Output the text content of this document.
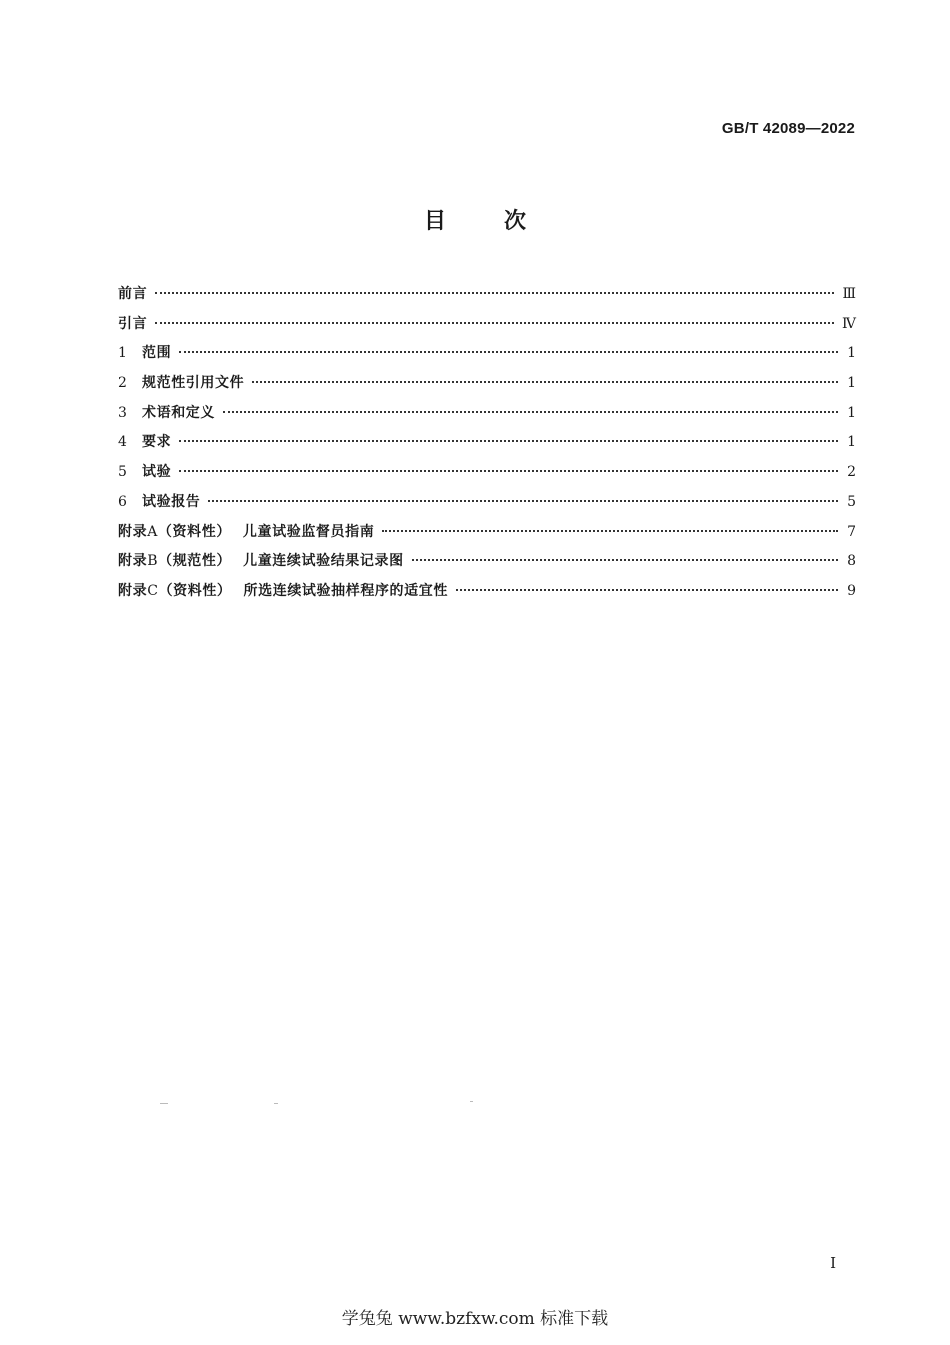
GB/T 42089—2022
目	次
前言	Ⅲ
引言	Ⅳ
1 范围	1
2 规范性引用文件	1
3 术语和定义	1
4 要求	1
5 试验	2
6 试验报告	5
附录A（资料性） 儿童试验监督员指南	7
附录B（规范性） 儿童连续试验结果记录图	8
附录C（资料性） 所选连续试验抽样程序的适宜性	9
I
学兔兔 www.bzfxw.com 标准下载
